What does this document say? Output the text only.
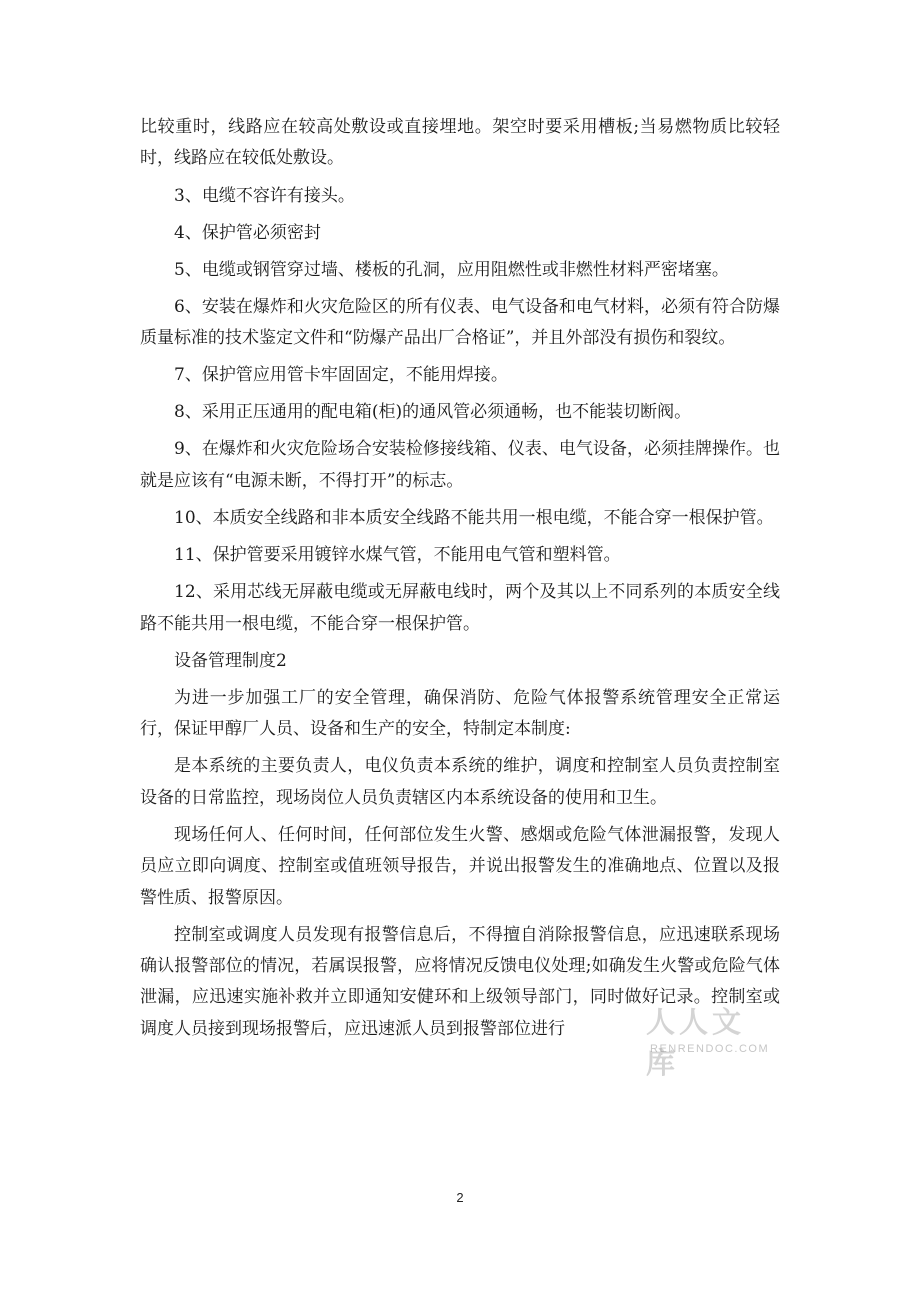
比较重时，线路应在较高处敷设或直接埋地。架空时要采用槽板;当易燃物质比较轻时，线路应在较低处敷设。

3、电缆不容许有接头。

4、保护管必须密封

5、电缆或钢管穿过墙、楼板的孔洞，应用阻燃性或非燃性材料严密堵塞。

6、安装在爆炸和火灾危险区的所有仪表、电气设备和电气材料，必须有符合防爆质量标准的技术鉴定文件和“防爆产品出厂合格证”，并且外部没有损伤和裂纹。

7、保护管应用管卡牢固固定，不能用焊接。

8、采用正压通用的配电箱(柜)的通风管必须通畅，也不能装切断阀。

9、在爆炸和火灾危险场合安装检修接线箱、仪表、电气设备，必须挂牌操作。也就是应该有“电源未断，不得打开”的标志。

10、本质安全线路和非本质安全线路不能共用一根电缆，不能合穿一根保护管。

11、保护管要采用镀锌水煤气管，不能用电气管和塑料管。

12、采用芯线无屏蔽电缆或无屏蔽电线时，两个及其以上不同系列的本质安全线路不能共用一根电缆，不能合穿一根保护管。

设备管理制度2

为进一步加强工厂的安全管理，确保消防、危险气体报警系统管理安全正常运行，保证甲醇厂人员、设备和生产的安全，特制定本制度:

是本系统的主要负责人，电仪负责本系统的维护，调度和控制室人员负责控制室设备的日常监控，现场岗位人员负责辖区内本系统设备的使用和卫生。

现场任何人、任何时间，任何部位发生火警、感烟或危险气体泄漏报警，发现人员应立即向调度、控制室或值班领导报告，并说出报警发生的准确地点、位置以及报警性质、报警原因。

控制室或调度人员发现有报警信息后，不得擅自消除报警信息，应迅速联系现场确认报警部位的情况，若属误报警，应将情况反馈电仪处理;如确发生火警或危险气体泄漏，应迅速实施补救并立即通知安健环和上级领导部门，同时做好记录。控制室或调度人员接到现场报警后，应迅速派人员到报警部位进行	人人文库
RENRENDOC.COM
2
